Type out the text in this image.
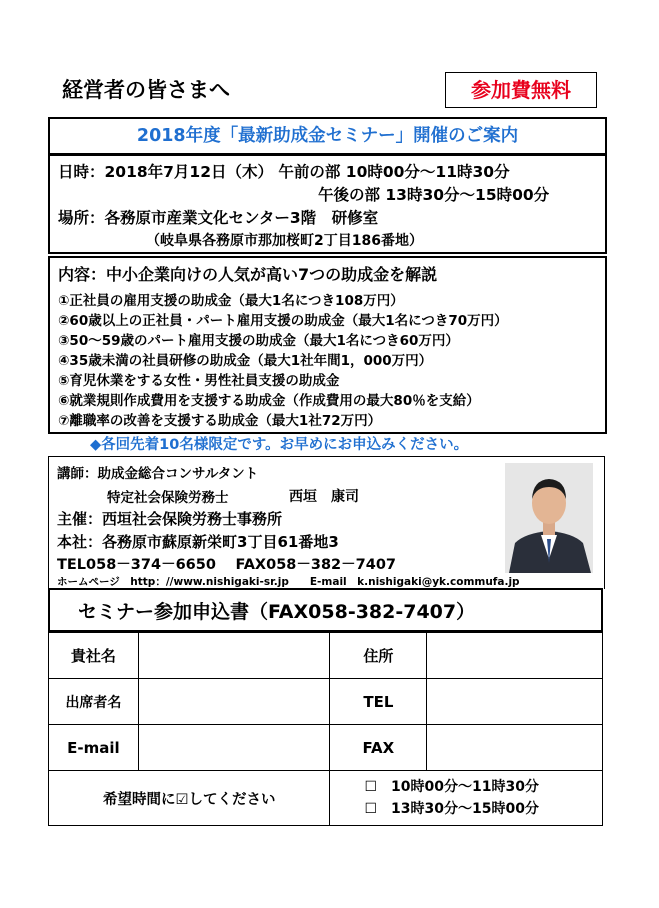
経営者の皆さまへ	参加費無料
2018年度「最新助成金セミナー」開催のご案内
日時：2018年7月12日（木） 午前の部 10時00分～11時30分
午後の部 13時30分～15時00分
場所：各務原市産業文化センター3階　研修室
（岐阜県各務原市那加桜町2丁目186番地）
内容：中小企業向けの人気が高い7つの助成金を解説
①正社員の雇用支援の助成金（最大1名につき108万円）
②60歳以上の正社員・パート雇用支援の助成金（最大1名につき70万円）
③50～59歳のパート雇用支援の助成金（最大1名につき60万円）
④35歳未満の社員研修の助成金（最大1社年間1，000万円）
⑤育児休業をする女性・男性社員支援の助成金
⑥就業規則作成費用を支援する助成金（作成費用の最大80％を支給）
⑦離職率の改善を支援する助成金（最大1社72万円）
◆各回先着10名様限定です。お早めにお申込みください。
講師：助成金総合コンサルタント
特定社会保険労務士	西垣　康司
主催：西垣社会保険労務士事務所
本社：各務原市蘇原新栄町3丁目61番地3
TEL058－374－6650　 FAX058－382－7407
ホームページ　http：//www.nishigaki-sr.jp　　E-mail　k.nishigaki@yk.commufa.jp
セミナー参加申込書（FAX058-382-7407）
貴社名		住所	
出席者名		TEL	
E-mail		FAX	
希望時間に☑してください		☐　10時00分～11時30分
☐　13時30分～15時00分	
